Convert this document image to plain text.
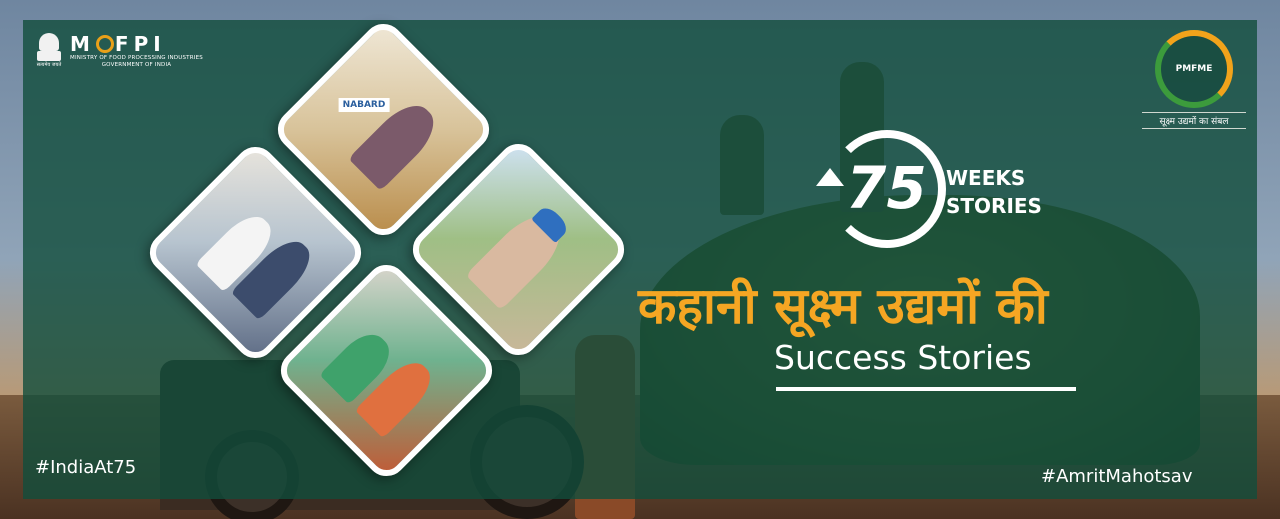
सत्यमेव जयते
M F P I
MINISTRY OF FOOD PROCESSING INDUSTRIES
GOVERNMENT OF INDIA	PMFME
सूक्ष्म उद्यमों का संबल
NABARD
75 WEEKS
STORIES
कहानी सूक्ष्म उद्यमों की
Success Stories
#IndiaAt75	#AmritMahotsav
